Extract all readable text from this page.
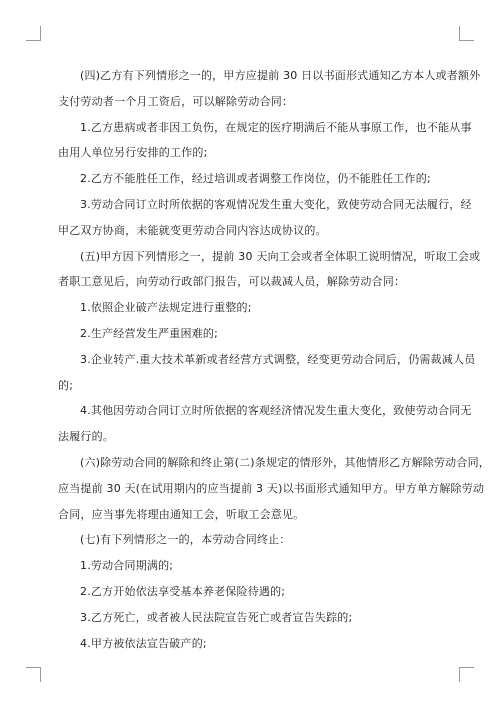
(四)乙方有下列情形之一的，甲方应提前 30 日以书面形式通知乙方本人或者额外
支付劳动者一个月工资后，可以解除劳动合同：

1.乙方患病或者非因工负伤，在规定的医疗期满后不能从事原工作，也不能从事
由用人单位另行安排的工作的;

2.乙方不能胜任工作，经过培训或者调整工作岗位，仍不能胜任工作的;

3.劳动合同订立时所依据的客观情况发生重大变化，致使劳动合同无法履行，经
甲乙双方协商，未能就变更劳动合同内容达成协议的。

(五)甲方因下列情形之一，提前 30 天向工会或者全体职工说明情况，听取工会或
者职工意见后，向劳动行政部门报告，可以裁减人员，解除劳动合同：

1.依照企业破产法规定进行重整的;

2.生产经营发生严重困难的;

3.企业转产.重大技术革新或者经营方式调整，经变更劳动合同后，仍需裁减人员
的;

4.其他因劳动合同订立时所依据的客观经济情况发生重大变化，致使劳动合同无
法履行的。

(六)除劳动合同的解除和终止第(二)条规定的情形外，其他情形乙方解除劳动合同，
应当提前 30 天(在试用期内的应当提前 3 天)以书面形式通知甲方。甲方单方解除劳动
合同，应当事先将理由通知工会，听取工会意见。

(七)有下列情形之一的，本劳动合同终止：

1.劳动合同期满的;

2.乙方开始依法享受基本养老保险待遇的;

3.乙方死亡，或者被人民法院宣告死亡或者宣告失踪的;

4.甲方被依法宣告破产的;
